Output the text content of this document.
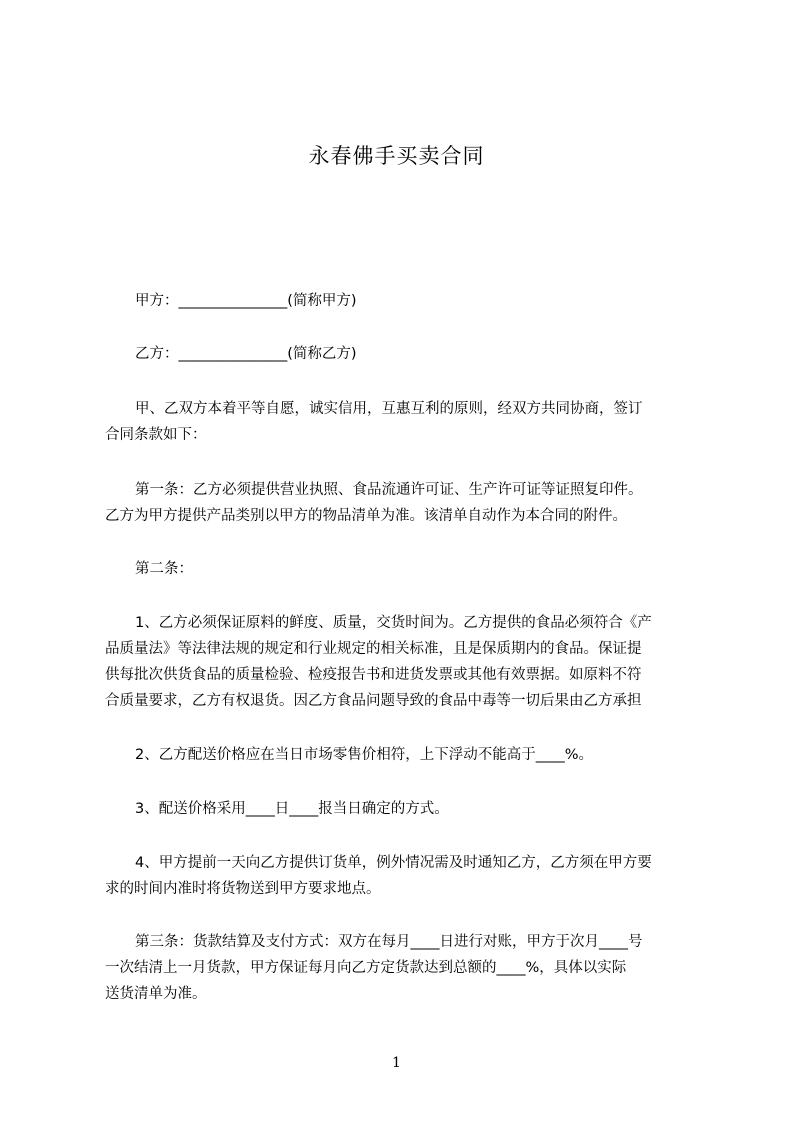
永春佛手买卖合同

甲方：_______________(简称甲方)

乙方：_______________(简称乙方)

甲、乙双方本着平等自愿，诚实信用，互惠互利的原则，经双方共同协商，签订
合同条款如下：

第一条：乙方必须提供营业执照、食品流通许可证、生产许可证等证照复印件。
乙方为甲方提供产品类别以甲方的物品清单为准。该清单自动作为本合同的附件。

第二条：

1、乙方必须保证原料的鲜度、质量，交货时间为。乙方提供的食品必须符合《产
品质量法》等法律法规的规定和行业规定的相关标准，且是保质期内的食品。保证提
供每批次供货食品的质量检验、检疫报告书和进货发票或其他有效票据。如原料不符
合质量要求，乙方有权退货。因乙方食品问题导致的食品中毒等一切后果由乙方承担

2、乙方配送价格应在当日市场零售价相符，上下浮动不能高于____%。

3、配送价格采用____日____报当日确定的方式。

4、甲方提前一天向乙方提供订货单，例外情况需及时通知乙方，乙方须在甲方要
求的时间内准时将货物送到甲方要求地点。

第三条：货款结算及支付方式：双方在每月____日进行对账，甲方于次月____号
一次结清上一月货款，甲方保证每月向乙方定货款达到总额的____%，具体以实际
送货清单为准。

1
